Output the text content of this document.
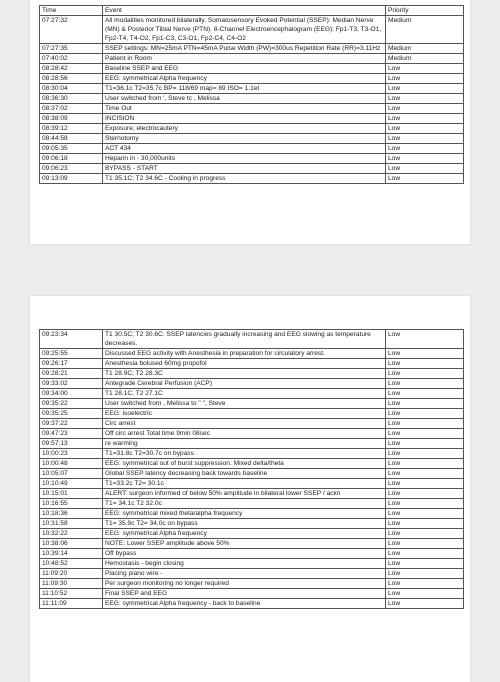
Time	Event	Priority
07:27:32	All modalities monitored bilaterally. Somatosensory Evoked Potential (SSEP): Median Nerve (MN) & Posterior Tibial Nerve (PTN). 8-Channel Electroencephalogram (EEG): Fp1-T3, T3-O1, Fp2-T4, T4-O2, Fp1-C3, C3-O1, Fp2-C4, C4-O2	Medium
07:27:35	SSEP settings: MN=25mA PTN=45mA Pulse Width (PW)=300us Repetition Rate (RR)=3.11Hz	Medium
07:40:02	Patient in Room	Medium
08:28:42	Baseline SSEP and EEG	Low
08:28:56	EEG: symmetrical Alpha frequency	Low
08:30:04	T1=36.1c T2=35.7c BP= 118/69 map= 89 ISO= 1.1et	Low
08:36:30	User switched from ', Steve tc , Melissa	Low
08:37:02	Time Out	Low
08:38:09	INCISION	Low
08:39:12	Exposure, electrocautery	Low
08:44:58	Sternotomy	Low
09:05:35	ACT 434	Low
09:06:18	Heparin in - 30,000units	Low
09:06:23	BYPASS - START	Low
09:13:09	T1 35.1C; T2 34.6C - Cooling in progress	Low
09:23:34	T1 30.5C; T2 30.6C. SSEP latencies gradually increasing and EEG slowing as temperature decreases.	Low
09:25:55	Discussed EEG activity with Anesthesia in preparation for circulatory arrest.	Low
09:26:17	Anesthesia bolused 60mg propofol	Low
09:28:21	T1 28.9C; T2 28.3C	Low
09:33:02	Antegrade Cerebral Perfusion (ACP)	Low
09:34:00	T1 28.1C; T2 27.1C	Low
09:35:22	User switched from , Melissa to " ", Steve	Low
09:35:25	EEG: isoelectric	Low
09:37:22	Circ arrest	Low
09:47:23	Off circ arrest Total time 9min 08sec	Low
09:57:13	re warming	Low
10:00:23	T1=31.8c T2=30.7c on bypass	Low
10:00:48	EEG: symmetrical out of burst suppression. Mixed delta/theta	Low
10:05:07	Global SSEP latency decreasing back towards baseline	Low
10:10:49	T1=33.2c T2= 30.1c	Low
10:15:01	ALERT: surgeon informed of below 50% amplitude in bilateral lower SSEP / ackn	Low
10:16:55	T1= 34.1c T2 32.0c	Low
10:18:36	EEG: symmetrical mixed theta/alpha frequency	Low
10:31:58	T1= 35.9c T2= 34.0c on bypass	Low
10:32:22	EEG: symmetrical Alpha frequency	Low
10:38:06	NOTE: Lower SSEP amplitude above 50%	Low
10:39:14	Off bypass	Low
10:48:52	Hemostasis - begin closing	Low
11:09:20	Placing piano wire -	Low
11:09:30	Per surgeon monitoring no longer required	Low
11:10:52	Final SSEP and EEG	Low
11:11:09	EEG: symmetrical Alpha frequency - back to baseline	Low
